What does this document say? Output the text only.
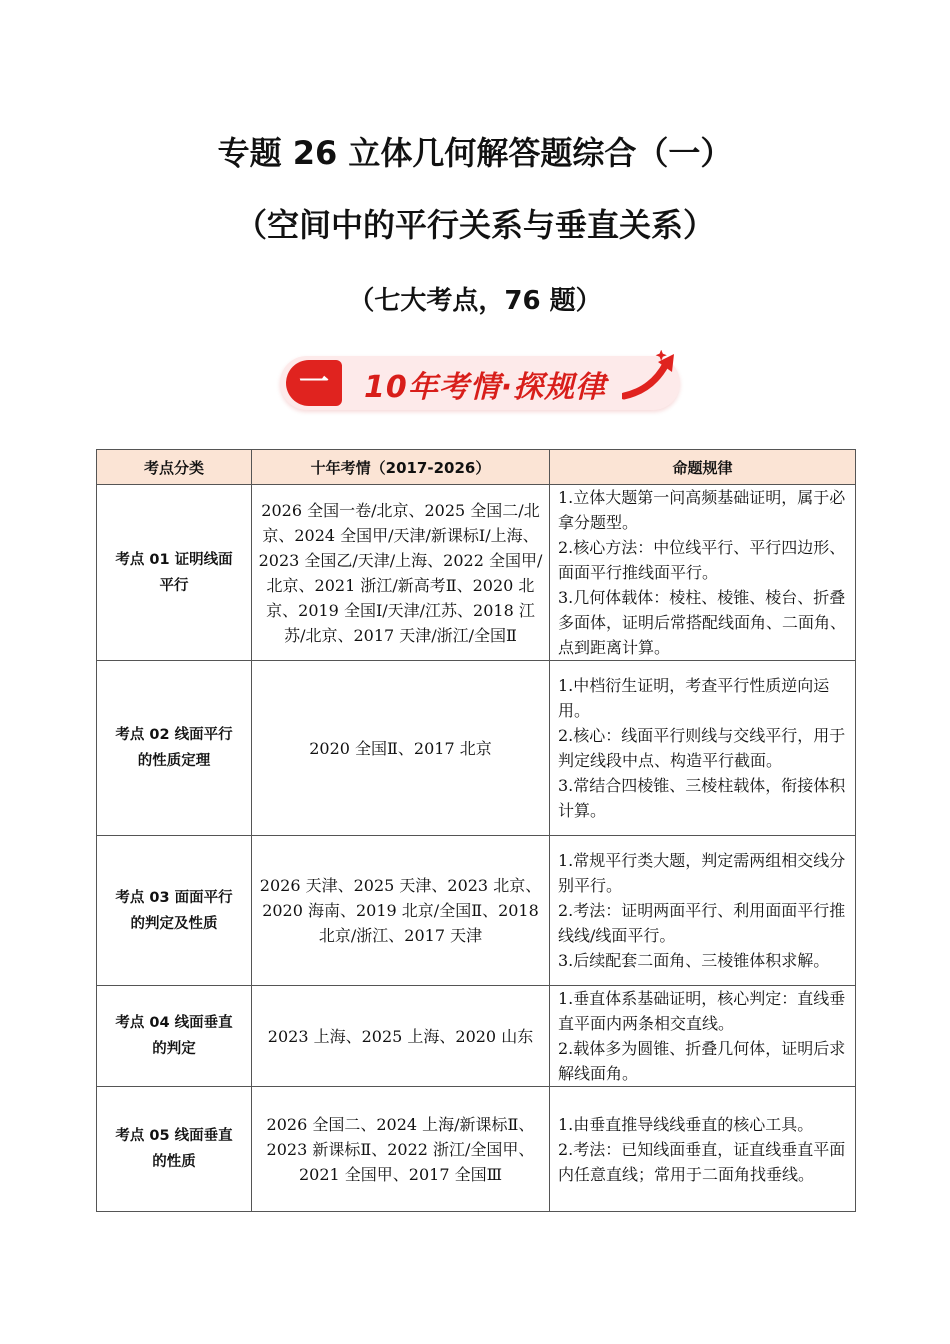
专题 26 立体几何解答题综合（一）
（空间中的平行关系与垂直关系）
（七大考点，76 题）
一	10年考情·探规律
考点分类	十年考情（2017-2026）	命题规律

考点 01 证明线面平行	2026 全国一卷/北京、2025 全国二/北京、2024 全国甲/天津/新课标Ⅰ/上海、2023 全国乙/天津/上海、2022 全国甲/北京、2021 浙江/新高考Ⅱ、2020 北京、2019 全国Ⅰ/天津/江苏、2018 江苏/北京、2017 天津/浙江/全国Ⅱ	1.立体大题第一问高频基础证明，属于必拿分题型。
2.核心方法：中位线平行、平行四边形、面面平行推线面平行。
3.几何体载体：棱柱、棱锥、棱台、折叠多面体，证明后常搭配线面角、二面角、点到距离计算。

考点 02 线面平行的性质定理	2020 全国Ⅱ、2017 北京	1.中档衍生证明，考查平行性质逆向运用。
2.核心：线面平行则线与交线平行，用于判定线段中点、构造平行截面。
3.常结合四棱锥、三棱柱载体，衔接体积计算。

考点 03 面面平行的判定及性质	2026 天津、2025 天津、2023 北京、2020 海南、2019 北京/全国Ⅱ、2018 北京/浙江、2017 天津	1.常规平行类大题，判定需两组相交线分别平行。
2.考法：证明两面平行、利用面面平行推线线/线面平行。
3.后续配套二面角、三棱锥体积求解。

考点 04 线面垂直的判定	2023 上海、2025 上海、2020 山东	1.垂直体系基础证明，核心判定：直线垂直平面内两条相交直线。
2.载体多为圆锥、折叠几何体，证明后求解线面角。

考点 05 线面垂直的性质	2026 全国二、2024 上海/新课标Ⅱ、2023 新课标Ⅱ、2022 浙江/全国甲、2021 全国甲、2017 全国Ⅲ	1.由垂直推导线线垂直的核心工具。
2.考法：已知线面垂直，证直线垂直平面内任意直线；常用于二面角找垂线。
